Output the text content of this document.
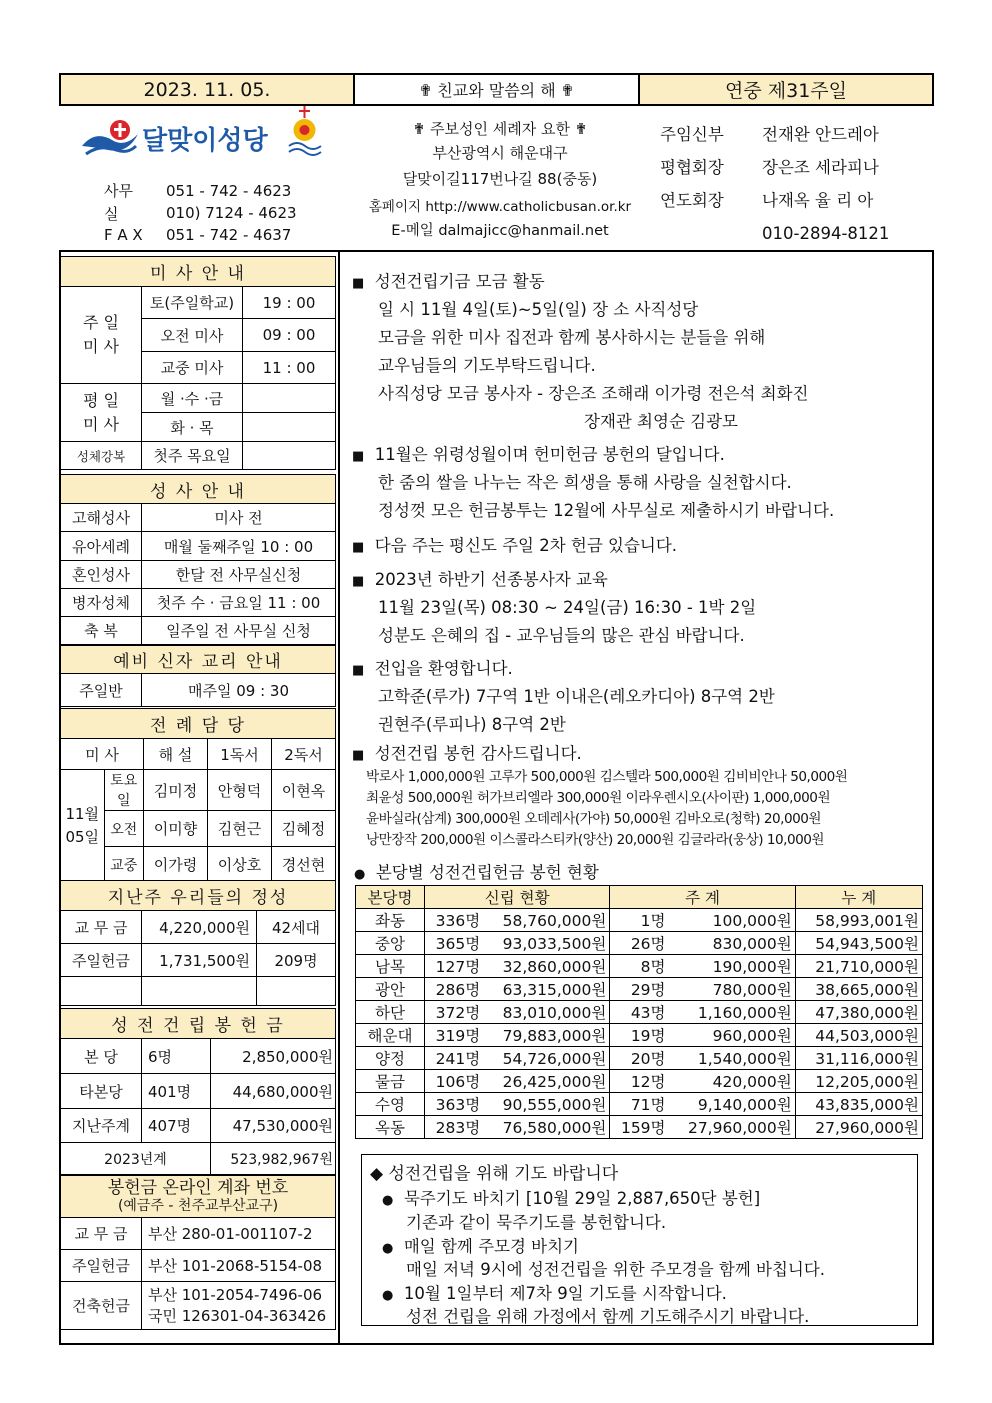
2023. 11. 05.	✟ 친교와 말씀의 해 ✟	연중 제31주일
달맞이성당
사무실
051 - 742 - 4623
010) 7124 - 4623
F A X 051 - 742 - 4637
✟ 주보성인 세례자 요한 ✟
부산광역시 해운대구
달맞이길117번나길 88(중동)
홈페이지 http://www.catholicbusan.or.kr
E-메일 dalmajicc@hanmail.net
주임신부 전재완 안드레아
평협회장 장은조 세라피나
연도회장 나재옥 율 리 아
010-2894-8121
미 사 안 내		
주 일
미 사	토(주일학교)	19 : 00
	오전 미사	09 : 00
	교중 미사	11 : 00
평 일
미 사	월 ·수 ·금	
	화 · 목	
성체강복	첫주 목요일	
성 사 안 내	
고해성사	미사 전
유아세례	매월 둘째주일 10 : 00
혼인성사	한달 전 사무실신청
병자성체	첫주 수 · 금요일 11 : 00
축 복	일주일 전 사무실 신청
예비 신자 교리 안내
주일반	매주일 09 : 30
전 례 담 당				
미 사		해 설	1독서	2독서
11월
05일	토요일	김미정	안형덕	이현옥
	오전	이미향	김현근	김혜정
	교중	이가령	이상호	경선현
지난주 우리들의 정성		
교 무 금	4,220,000원	42세대
주일헌금	1,731,500원	209명

성 전 건 립 봉 헌 금		
본 당	6명	2,850,000원
타본당	401명	44,680,000원
지난주계	407명	47,530,000원
2023년계		523,982,967원
봉헌금 온라인 계좌 번호
(예금주 - 천주교부산교구)	

교 무 금	부산 280-01-001107-2
주일헌금	부산 101-2068-5154-08
건축헌금	부산 101-2054-7496-06
국민 126301-04-363426
■ 성전건립기금 모금 활동
일 시 11월 4일(토)~5일(일) 장 소 사직성당
모금을 위한 미사 집전과 함께 봉사하시는 분들을 위해
교우님들의 기도부탁드립니다.
사직성당 모금 봉사자 - 장은조 조해래 이가령 전은석 최화진
장재관 최영순 김광모
■ 11월은 위령성월이며 헌미헌금 봉헌의 달입니다.
한 줌의 쌀을 나누는 작은 희생을 통해 사랑을 실천합시다.
정성껏 모은 헌금봉투는 12월에 사무실로 제출하시기 바랍니다.
■ 다음 주는 평신도 주일 2차 헌금 있습니다.
■ 2023년 하반기 선종봉사자 교육
11월 23일(목) 08:30 ~ 24일(금) 16:30 - 1박 2일
성분도 은혜의 집 - 교우님들의 많은 관심 바랍니다.
■ 전입을 환영합니다.
고학준(루가) 7구역 1반 이내은(레오카디아) 8구역 2반
권현주(루피나) 8구역 2반
■ 성전건립 봉헌 감사드립니다.
박로사 1,000,000원 고루가 500,000원 김스텔라 500,000원 김비비안나 50,000원
최윤성 500,000원 허가브리엘라 300,000원 이라우렌시오(사이판) 1,000,000원
윤바실라(삼계) 300,000원 오데레사(가야) 50,000원 김바오로(청학) 20,000원
낭만장작 200,000원 이스콜라스티카(양산) 20,000원 김글라라(웅상) 10,000원
● 본당별 성전건립헌금 봉헌 현황
본당명	신립 현황		주 계		누 계
좌동	336명	58,760,000원	1명	100,000원	58,993,001원
중앙	365명	93,033,500원	26명	830,000원	54,943,500원
남목	127명	32,860,000원	8명	190,000원	21,710,000원
광안	286명	63,315,000원	29명	780,000원	38,665,000원
하단	372명	83,010,000원	43명	1,160,000원	47,380,000원
해운대	319명	79,883,000원	19명	960,000원	44,503,000원
양정	241명	54,726,000원	20명	1,540,000원	31,116,000원
물금	106명	26,425,000원	12명	420,000원	12,205,000원
수영	363명	90,555,000원	71명	9,140,000원	43,835,000원
옥동	283명	76,580,000원	159명	27,960,000원	27,960,000원
◆ 성전건립을 위해 기도 바랍니다
● 묵주기도 바치기 [10월 29일 2,887,650단 봉헌]
기존과 같이 묵주기도를 봉헌합니다.
● 매일 함께 주모경 바치기
매일 저녁 9시에 성전건립을 위한 주모경을 함께 바칩니다.
● 10월 1일부터 제7차 9일 기도를 시작합니다.
성전 건립을 위해 가정에서 함께 기도해주시기 바랍니다.
